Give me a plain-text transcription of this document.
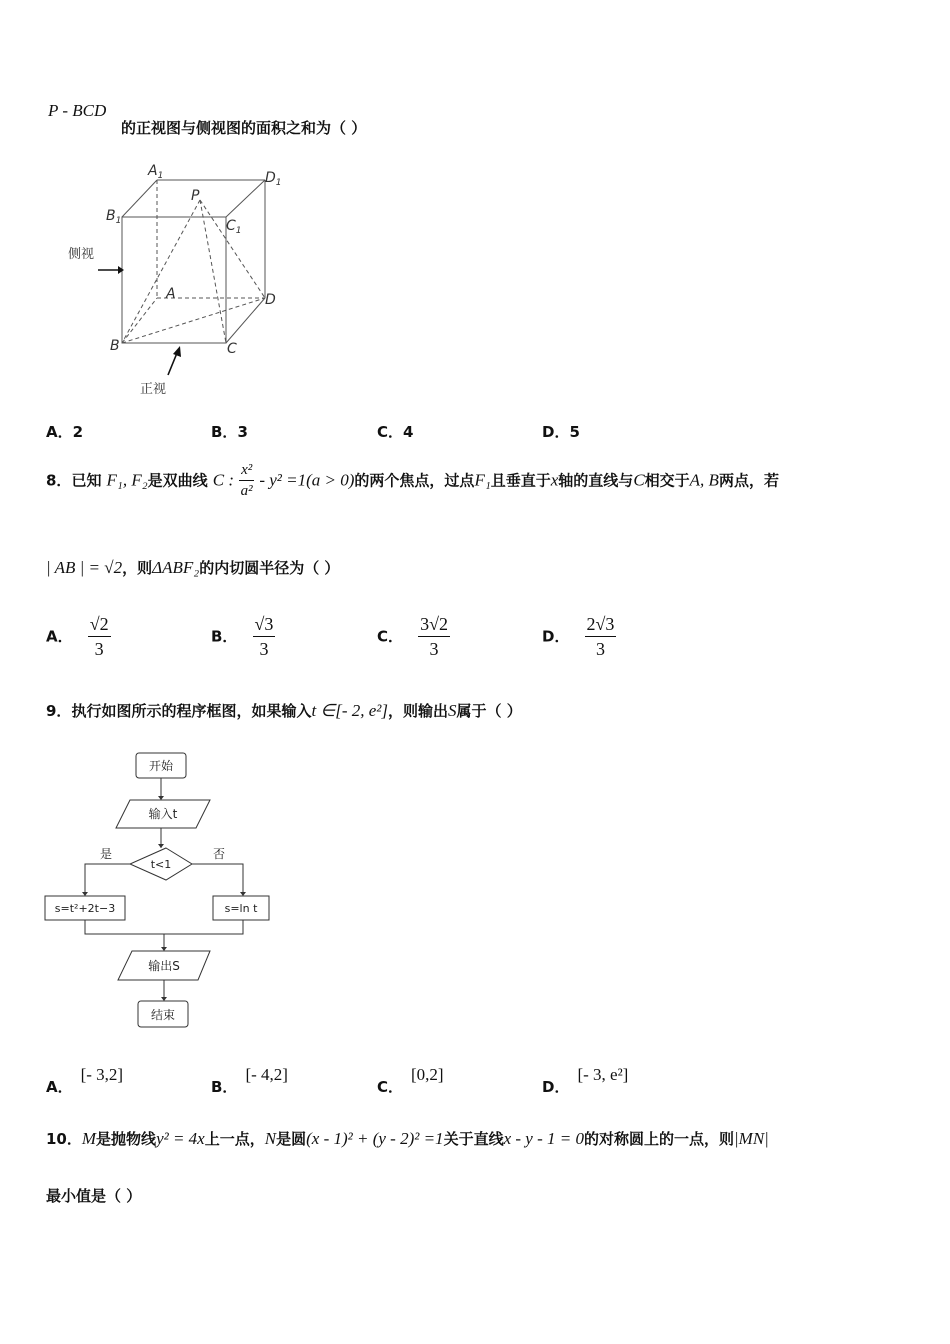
P - BCD
的正视图与侧视图的面积之和为（ ）
$A_1$	$D_1$
$B_1$	$C_1$
P
A	D
B	C
侧视
正视
A．2	B．3	C．4	D．5
8．已知 F₁, F₂是双曲线 C : $\frac{\text{x²}}{\text{a²}} - y^2 =1(a > 0)$的两个焦点，过点F₁且垂直于x轴的直线与C相交于A, B两点，若
| AB | = √2，则ΔABF₂的内切圆半径为（ ）
A． $\frac{√2}{3}$	B． $\frac{√3}{3}$	C． $\frac{3√2}{3}$	D． $\frac{2√3}{3}$
9．执行如图所示的程序框图，如果输入t ∈[- 2, e²]，则输出S属于（ ）
开始
输入t
t<1
是	否
s=t²+2t−3	s=ln t
输出S
结束
A．[- 3,2]
B．[- 4,2]
C．[0,2]
D．[- 3, e²]
10．M是抛物线y² = 4x上一点，N是圆(x - 1)² + (y - 2)² =1关于直线x - y - 1 = 0的对称圆上的一点，则|MN|
最小值是（ ）
